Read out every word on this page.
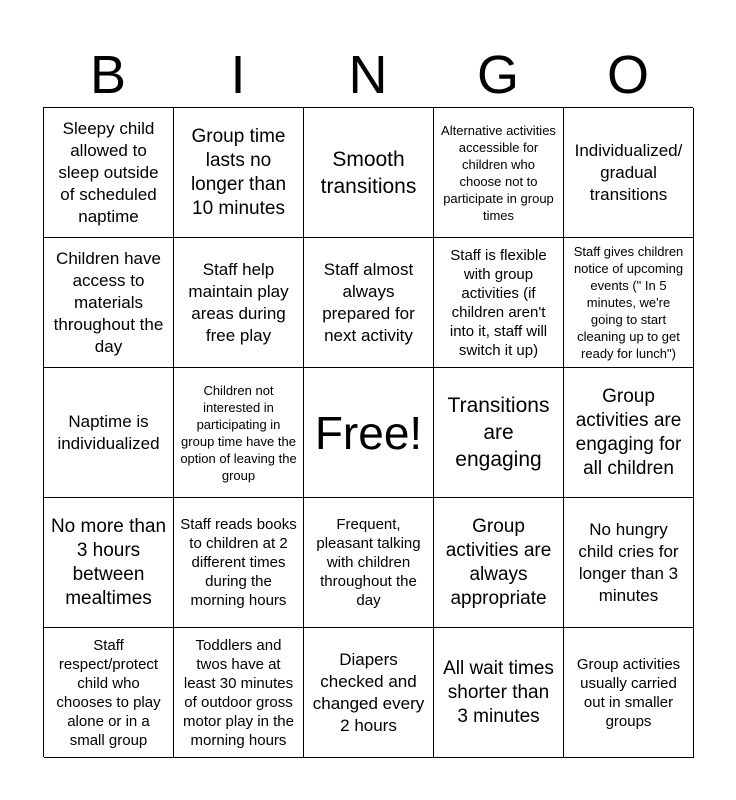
B	I	N	G	O
Sleepy child allowed to sleep outside of scheduled naptime
Group time lasts no longer than 10 minutes
Smooth transitions
Alternative activities accessible for children who choose not to participate in group times
Individualized/ gradual transitions
Children have access to materials throughout the day
Staff help maintain play areas during free play
Staff almost always prepared for next activity
Staff is flexible with group activities (if children aren't into it, staff will switch it up)
Staff gives children notice of upcoming events (" In 5 minutes, we're going to start cleaning up to get ready for lunch")
Naptime is individualized
Children not interested in participating in group time have the option of leaving the group
Free!
Transitions are engaging
Group activities are engaging for all children
No more than 3 hours between mealtimes
Staff reads books to children at 2 different times during the morning hours
Frequent, pleasant talking with children throughout the day
Group activities are always appropriate
No hungry child cries for longer than 3 minutes
Staff respect/protect child who chooses to play alone or in a small group
Toddlers and twos have at least 30 minutes of outdoor gross motor play in the morning hours
Diapers checked and changed every 2 hours
All wait times shorter than 3 minutes
Group activities usually carried out in smaller groups
